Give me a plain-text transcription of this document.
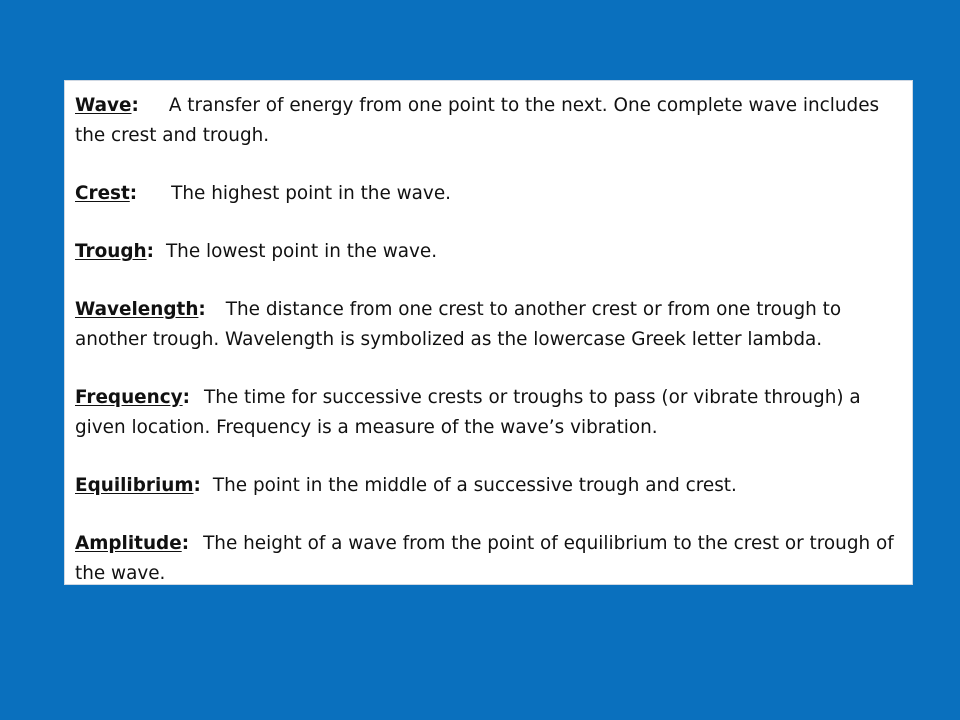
Wave: A transfer of energy from one point to the next. One complete wave includes the crest and trough.

Crest: The highest point in the wave.

Trough: The lowest point in the wave.

Wavelength: The distance from one crest to another crest or from one trough to another trough. Wavelength is symbolized as the lowercase Greek letter lambda.

Frequency: The time for successive crests or troughs to pass (or vibrate through) a given location. Frequency is a measure of the wave’s vibration.

Equilibrium: The point in the middle of a successive trough and crest.

Amplitude: The height of a wave from the point of equilibrium to the crest or trough of the wave.
